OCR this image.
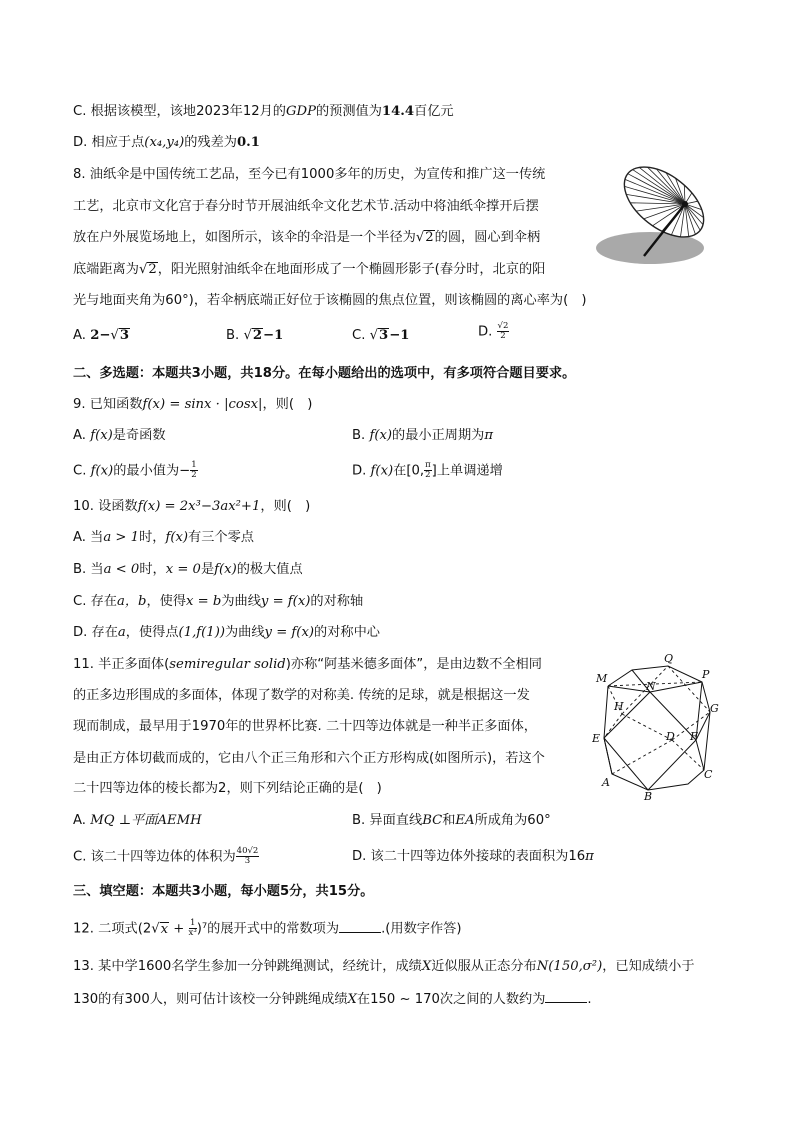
C. 根据该模型，该地2023年12月的GDP的预测值为14.4百亿元
D. 相应于点(x₄,y₄)的残差为0.1
8. 油纸伞是中国传统工艺品，至今已有1000多年的历史，为宣传和推广这一传统
工艺，北京市文化宫于春分时节开展油纸伞文化艺术节.活动中将油纸伞撑开后摆
放在户外展览场地上，如图所示，该伞的伞沿是一个半径为√2的圆，圆心到伞柄
底端距离为√2，阳光照射油纸伞在地面形成了一个椭圆形影子(春分时，北京的阳
光与地面夹角为60°)，若伞柄底端正好位于该椭圆的焦点位置，则该椭圆的离心率为(　)
A. 2−√3	B. √2−1	C. √3−1	D. $\frac{√2}{2}$
二、多选题：本题共3小题，共18分。在每小题给出的选项中，有多项符合题目要求。
9. 已知函数f(x) = sinx · |cosx|，则(　)
A. f(x)是奇函数	B. f(x)的最小正周期为π
C. f(x)的最小值为− $\frac{1}{2}$	D. f(x)在[0, $\frac{\pi}{2}$ ]上单调递增
10. 设函数f(x) = 2x³−3ax²+1，则(　)
A. 当a > 1时，f(x)有三个零点
B. 当a < 0时，x = 0是f(x)的极大值点
C. 存在a，b，使得x = b为曲线y = f(x)的对称轴
D. 存在a，使得点(1,f(1))为曲线y = f(x)的对称中心
11. 半正多面体(semiregular solid)亦称“阿基米德多面体”，是由边数不全相同
的正多边形围成的多面体，体现了数学的对称美. 传统的足球，就是根据这一发
现而制成，最早用于1970年的世界杯比赛. 二十四等边体就是一种半正多面体，
是由正方体切截而成的，它由八个正三角形和六个正方形构成(如图所示)，若这个
二十四等边体的棱长都为2，则下列结论正确的是(　)
A. MQ ⊥平面AEMH	B. 异面直线BC和EA所成角为60°
C. 该二十四等边体的体积为 $\frac{40√2}{3}$	D. 该二十四等边体外接球的表面积为16π
M
Q
P
N
H	G
E	D F
A
C
B
三、填空题：本题共3小题，每小题5分，共15分。
12. 二项式$(2√x + \frac{1}{\text{x³}} )^7$的展开式中的常数项为	.(用数字作答)
13. 某中学1600名学生参加一分钟跳绳测试，经统计，成绩X近似服从正态分布N(150,σ²)，已知成绩小于
130的有300人，则可估计该校一分钟跳绳成绩X在150 ~ 170次之间的人数约为	.
